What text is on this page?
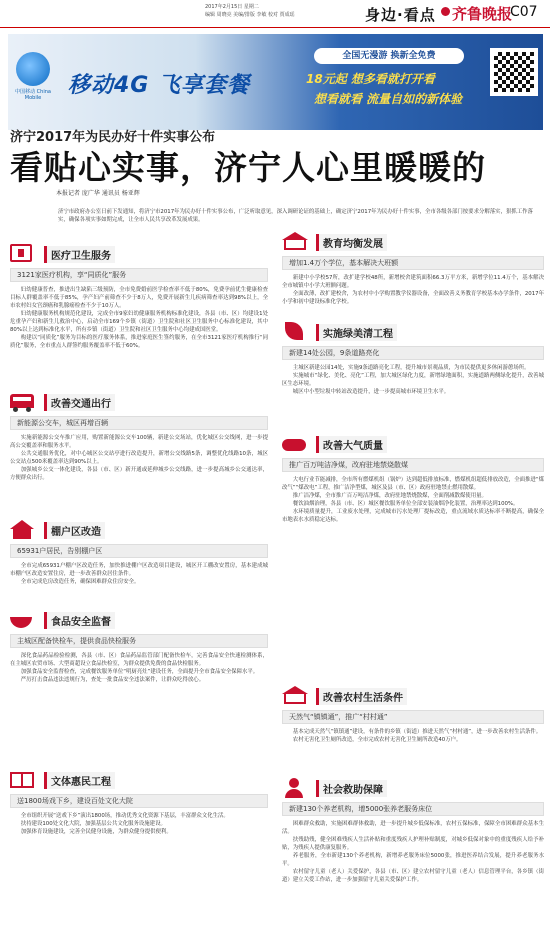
2017年2月15日 星期二
编辑 周晓亮 美编/排版 李敏 校对 贾成瑶	身边·看点 齐鲁晚报
C07
中国移动 China Mobile	移动4G 飞享套餐
全国无漫游 换新全免费
18元起 想多看就打开看
想看就看 流量自如的新体验
济宁2017年为民办好十件实事公布
看贴心实事，济宁人心里暖暖的
本报记者 庞广华 通讯员 杨亚辉
济宁市政府办公室日前下发通知，将济宁市2017年为民办好十件实事公布，广泛听取意见，深入调研论证的基础上，确定济宁2017年为民办好十件实事，全市各级各部门按要求分解落实，狠抓工作落实，确保各项实事如期完成，让全市人民共享改革发展成果。
医疗卫生服务
3121家医疗机构，享“同质化”服务

妇幼健康普查，推进出生缺陷三级预防，全市免费婚前医学检查率不低于80%，免费孕前优生健康检查目标人群覆盖率不低于85%，孕产妇产前筛查不少于8万人，免费开展新生儿疾病筛查率达到98%以上，全市农村妇女宫颈癌和乳腺癌检查不少于10万人。

妇幼健康服务机构规范化建设，完成全市9家妇幼健康服务机构标准化建设，各县（市、区）均建设1处危重孕产妇和新生儿救治中心，启动全市169个乡镇（街道）卫生院和社区卫生服务中心标准化建设，其中80%以上达到标准化水平，所有乡镇（街道）卫生院和社区卫生服务中心均建成国医堂。

构建以“同质化”服务为目标的医疗服务体系，推进家庭医生签约服务，在全市3121家医疗机构推行“同质化”服务，全市重点人群签约服务覆盖率不低于60%。

改善交通出行
新能源公交车，城区再增百辆

实施新能源公交车推广应用，购置新能源公交车100辆，新建公交场站，优化城区公交线网，进一步提高公交覆盖率和服务水平。

公共交通服务优化，对中心城区公交站亭进行改造提升，新增公交线路5条，调整优化线路10条，城区公交站点500米覆盖率达到90%以上。

加强城乡公交一体化建设，各县（市、区）新开通或延伸城乡公交线路，进一步提高城乡公交通达率，方便群众出行。

棚户区改造
65931户居民，告别棚户区

全市完成65931户棚户区改造任务，加快推进棚户区改造项目建设，城区开工棚改安置房，基本建成城市棚户区改造安置住房，进一步改善群众居住条件。

全市完成危房改造任务，确保困难群众住房安全。

食品安全监督
主城区配备快检车，提供食品快检服务

深化食品药品检验检测，各县（市、区）食品药品监管部门配备快检车，完善食品安全快速检测体系，在主城区农贸市场、大型商超设立食品快检室，为群众提供免费的食品快检服务。

加强食品安全监督检查，完成餐饮服务单位“明厨亮灶”建设任务，全面提升全市食品安全保障水平。

严厉打击食品违法违规行为，查处一批食品安全违法案件，让群众吃得放心。

文体惠民工程
送1800场戏下乡，建设百处文化大院

全市组织开展“送戏下乡”演出1800场，推动优秀文化资源下基层，丰富群众文化生活。

扶持建设100处文化大院，加强基层公共文化服务设施建设。

加强体育设施建设，完善全民健身设施，为群众健身提供便利。

教育均衡发展
增加1.4万个学位，基本解决大班额

新建中小学校57所，改扩建学校48所，新增校舍建筑面积66.3万平方米，新增学位11.4万个，基本解决全市城镇中小学大班额问题。

全面改薄，改扩建校舍，为农村中小学购置教学仪器设备，全面改善义务教育学校基本办学条件，2017年小学和初中建设标准化学校。

实施绿美清工程
新建14处公园，9条道路亮化

主城区新建公园14处，实施9条道路亮化工程，提升城市景观品质，为市民提供更多休闲游憩场所。

实施城市“绿化、美化、亮化”工程，加大城区绿化力度，新增绿地面积，实施道路两侧绿化提升，改善城区生态环境。

城区中小型垃圾中转站改造提升，进一步提高城市环境卫生水平。

改善大气质量
推广百万吨洁净煤，改府驻地禁烧散煤

大电行业节能减排，全市所有燃煤机组（锅炉）达到超低排放标准，燃煤机组超低排放改造，全面推进“煤改气”“煤改电”工程，推广洁净型煤，城区及县（市、区）政府驻地禁止燃用散煤。

推广洁净煤，全市推广百万吨洁净煤，改府驻地禁烧散煤，全面削减散煤使用量。

餐饮油烟治理，各县（市、区）城区餐饮服务单位全部安装油烟净化装置，治理率达到100%。

水环境质量提升，工业废水处理，完成城市污水处理厂提标改造，重点流域水质达标率不断提高，确保全市地表水水质稳定达标。

改善农村生活条件
天然气“镇镇通”，推广“村村通”

基本完成天然气“镇镇通”建设，有条件的乡镇（街道）推进天然气“村村通”，进一步改善农村生活条件。

农村无害化卫生厕所改造，全市完成农村无害化卫生厕所改造40万户。

社会救助保障
新建130个养老机构，增5000张养老服务床位

困难群众救助，实施困难群体救助，进一步提升城乡低保标准，农村五保标准，保障全市困难群众基本生活。

扶残助残，健全困难残疾人生活补贴和重度残疾人护理补贴制度，对城乡低保对象中的重度残疾人给予补贴，为残疾人提供康复服务。

养老服务，全市新建130个养老机构，新增养老服务床位5000张，推进医养结合发展，提升养老服务水平。

农村留守儿童（老人）关爱保护，各县（市、区）建立农村留守儿童（老人）信息管理平台，各乡镇（街道）建立关爱工作站，进一步加强留守儿童关爱保护工作。
